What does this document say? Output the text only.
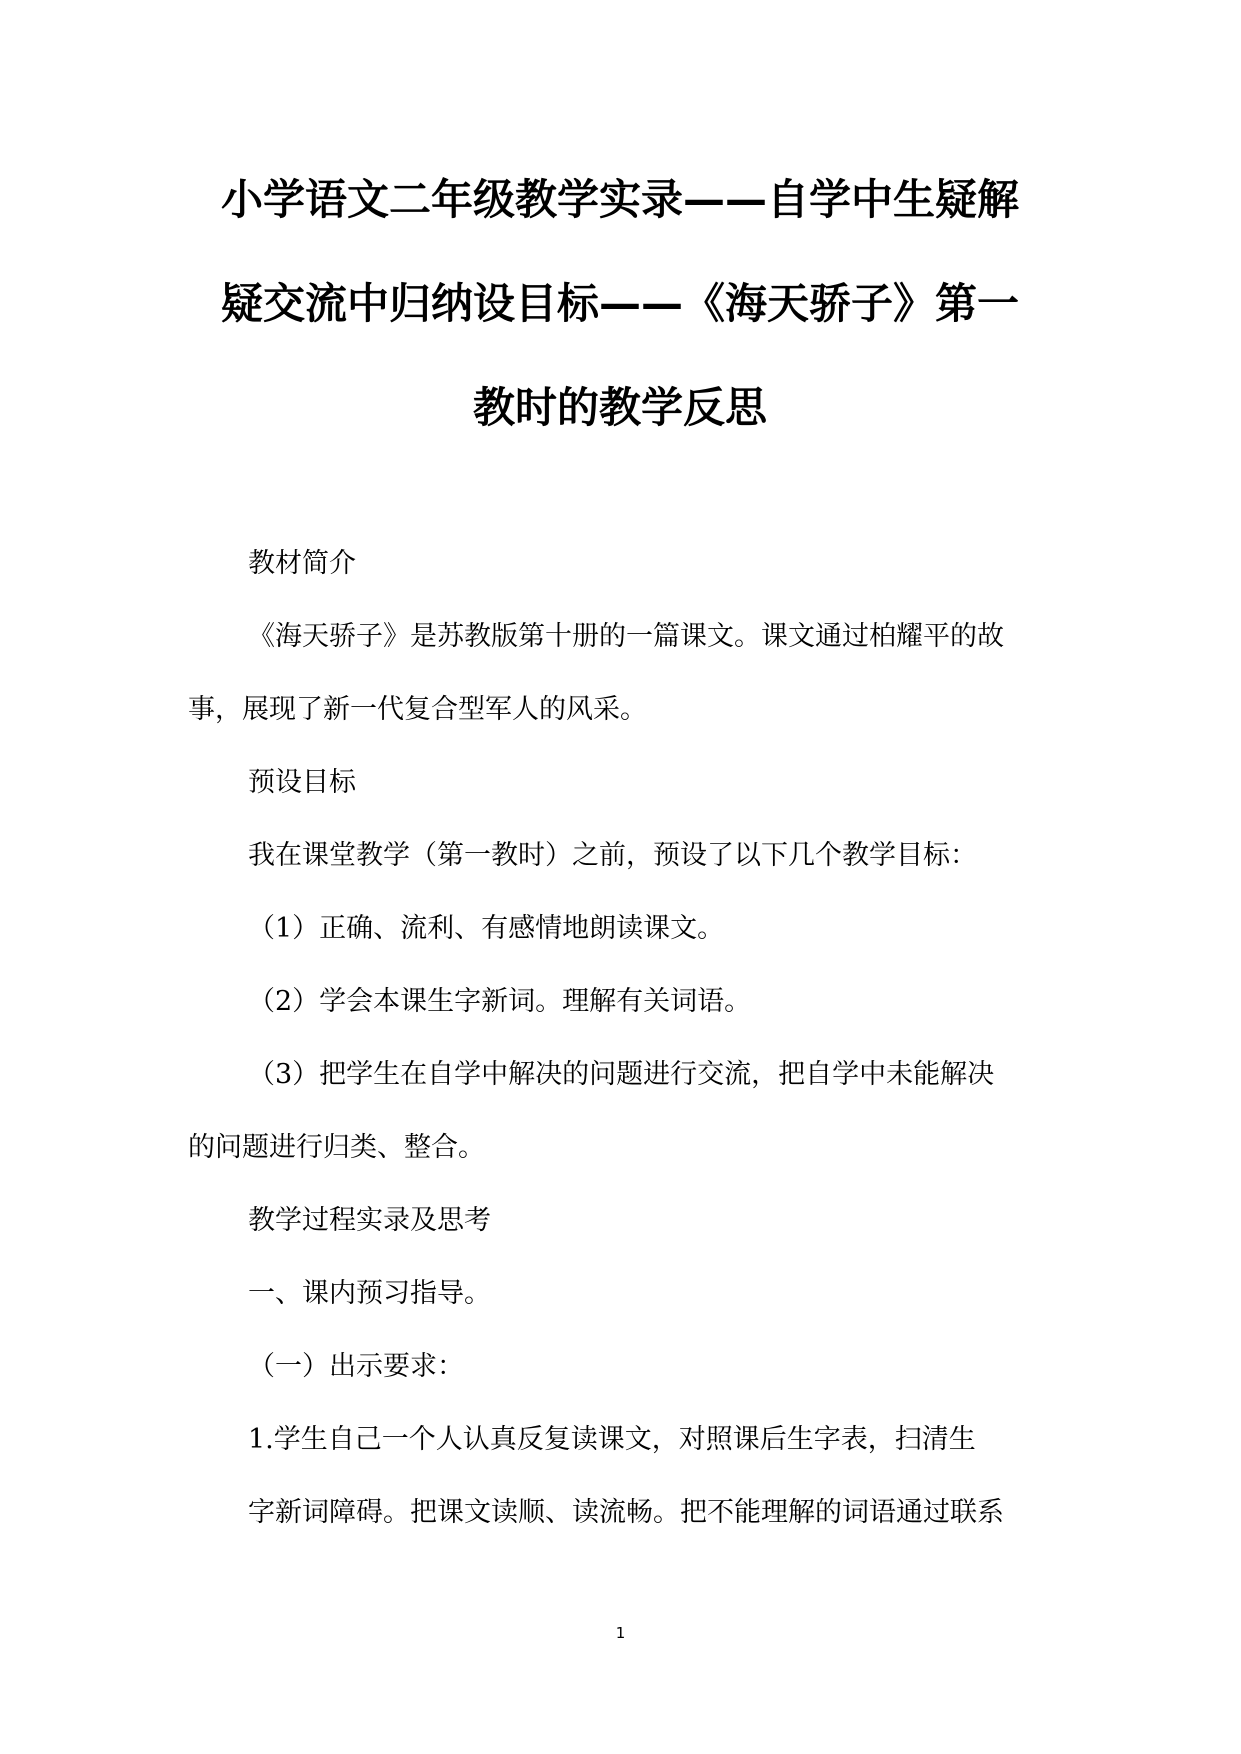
小学语文二年级教学实录——自学中生疑解
疑交流中归纳设目标——《海天骄子》第一
教时的教学反思

教材简介

《海天骄子》是苏教版第十册的一篇课文。课文通过柏耀平的故
事，展现了新一代复合型军人的风采。

预设目标

我在课堂教学（第一教时）之前，预设了以下几个教学目标：

（1）正确、流利、有感情地朗读课文。

（2）学会本课生字新词。理解有关词语。

（3）把学生在自学中解决的问题进行交流，把自学中未能解决
的问题进行归类、整合。

教学过程实录及思考

一、课内预习指导。

（一）出示要求：

1.学生自己一个人认真反复读课文，对照课后生字表，扫清生
字新词障碍。把课文读顺、读流畅。把不能理解的词语通过联系

1
